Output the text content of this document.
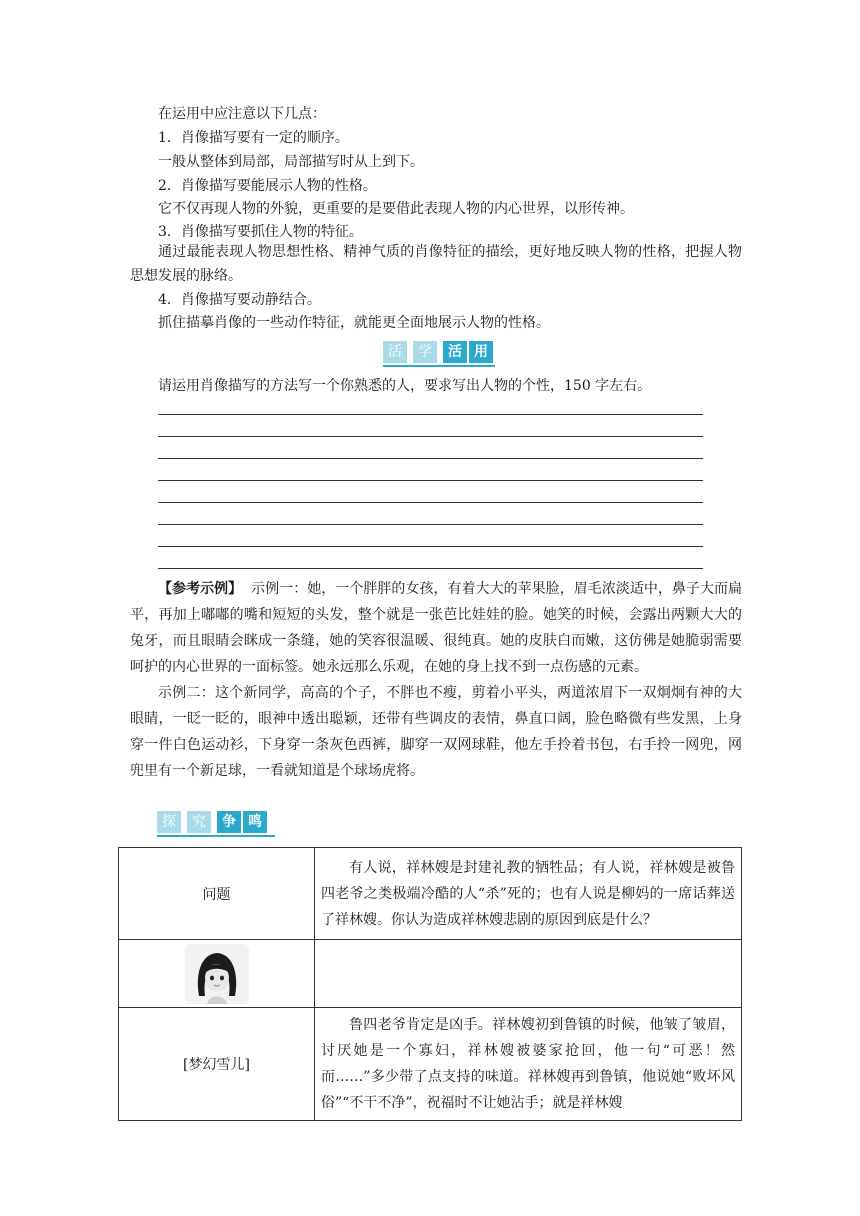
在运用中应注意以下几点：
1．肖像描写要有一定的顺序。
一般从整体到局部，局部描写时从上到下。
2．肖像描写要能展示人物的性格。
它不仅再现人物的外貌，更重要的是要借此表现人物的内心世界，以形传神。
3．肖像描写要抓住人物的特征。
通过最能表现人物思想性格、精神气质的肖像特征的描绘，更好地反映人物的性格，把握人物思想发展的脉络。
4．肖像描写要动静结合。
抓住描摹肖像的一些动作特征，就能更全面地展示人物的性格。
活	学	活 用
请运用肖像描写的方法写一个你熟悉的人，要求写出人物的个性，150 字左右。
【参考示例】 示例一：她，一个胖胖的女孩，有着大大的苹果脸，眉毛浓淡适中，鼻子大而扁平，再加上嘟嘟的嘴和短短的头发，整个就是一张芭比娃娃的脸。她笑的时候，会露出两颗大大的兔牙，而且眼睛会眯成一条缝，她的笑容很温暖、很纯真。她的皮肤白而嫩，这仿佛是她脆弱需要呵护的内心世界的一面标签。她永远那么乐观，在她的身上找不到一点伤感的元素。
示例二：这个新同学，高高的个子，不胖也不瘦，剪着小平头，两道浓眉下一双炯炯有神的大眼睛，一眨一眨的，眼神中透出聪颖，还带有些调皮的表情，鼻直口阔，脸色略微有些发黑，上身穿一件白色运动衫，下身穿一条灰色西裤，脚穿一双网球鞋，他左手拎着书包，右手拎一网兜，网兜里有一个新足球，一看就知道是个球场虎将。
探	究	争 鸣
问题	有人说，祥林嫂是封建礼教的牺牲品；有人说，祥林嫂是被鲁四老爷之类极端冷酷的人“杀”死的；也有人说是柳妈的一席话葬送了祥林嫂。你认为造成祥林嫂悲剧的原因到底是什么？

[梦幻雪儿]	鲁四老爷肯定是凶手。祥林嫂初到鲁镇的时候，他皱了皱眉，讨厌她是一个寡妇，祥林嫂被婆家抢回，他一句“可恶！然而……”多少带了点支持的味道。祥林嫂再到鲁镇，他说她“败坏风俗”“不干不净”，祝福时不让她沾手；就是祥林嫂
